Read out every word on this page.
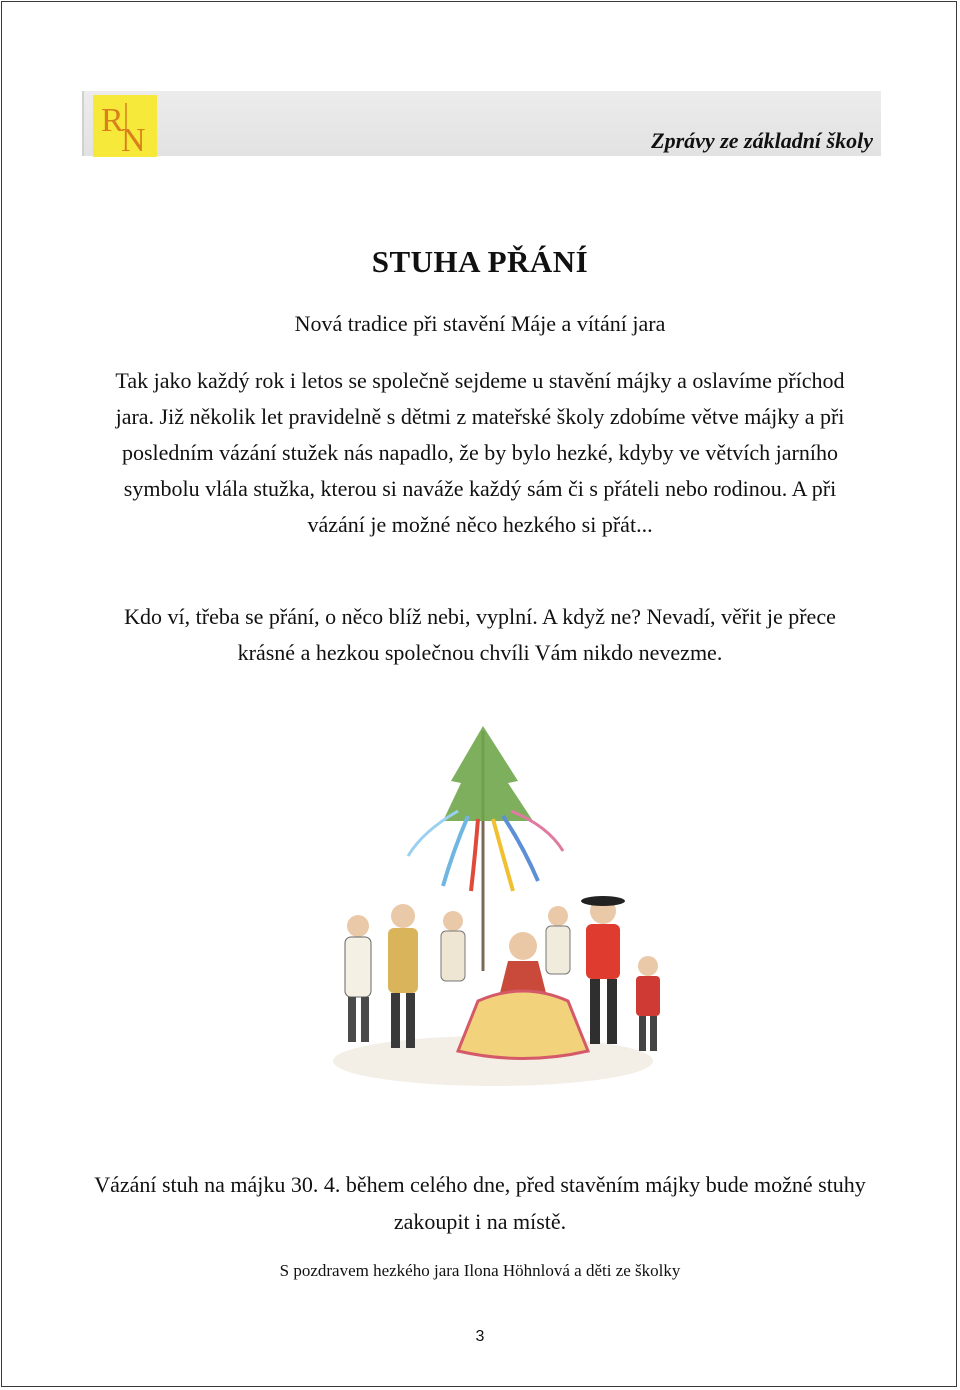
R
N	Zprávy ze základní školy
STUHA PŘÁNÍ
Nová tradice při stavění Máje a vítání jara
Tak jako každý rok i letos se společně sejdeme u stavění májky a oslavíme příchod jara. Již několik let pravidelně s dětmi z mateřské školy zdobíme větve májky a při posledním vázání stužek nás napadlo, že by bylo hezké, kdyby ve větvích jarního symbolu vlála stužka, kterou si naváže každý sám či s přáteli nebo rodinou. A při vázání je možné něco hezkého si přát...
Kdo ví, třeba se přání, o něco blíž nebi, vyplní. A když ne? Nevadí, věřit je přece krásné a hezkou společnou chvíli Vám nikdo nevezme.
Vázání stuh na májku 30. 4. během celého dne, před stavěním májky bude možné stuhy zakoupit i na místě.
S pozdravem hezkého jara Ilona Höhnlová a děti ze školky
3
